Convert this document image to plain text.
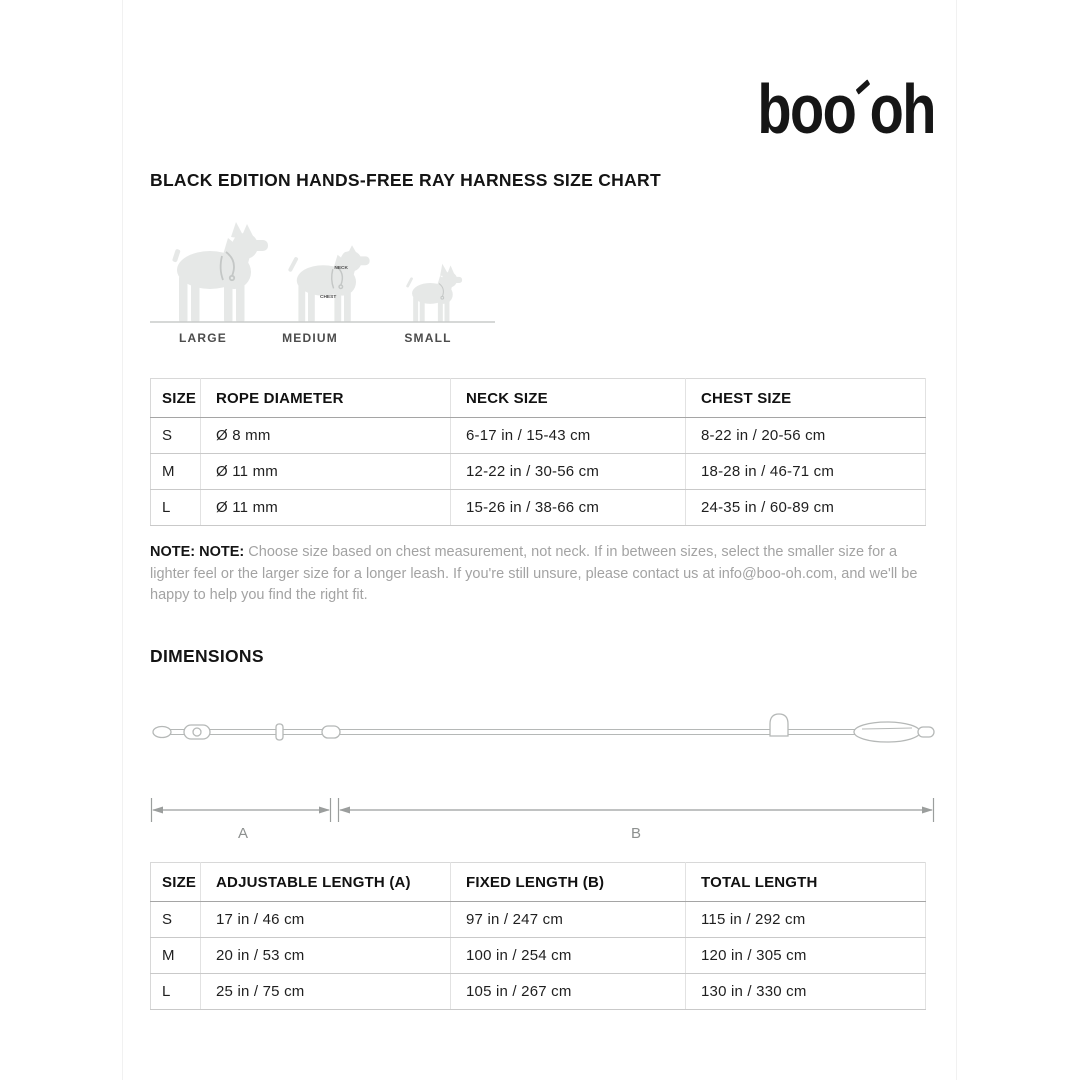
boo oh
BLACK EDITION HANDS-FREE RAY HARNESS SIZE CHART
NECK
CHEST
LARGE	MEDIUM	SMALL
SIZE	ROPE DIAMETER	NECK SIZE	CHEST SIZE
S	Ø 8 mm	6-17 in / 15-43 cm	8-22 in / 20-56 cm
M	Ø 11 mm	12-22 in / 30-56 cm	18-28 in / 46-71 cm
L	Ø 11 mm	15-26 in / 38-66 cm	24-35 in / 60-89 cm
NOTE: NOTE: Choose size based on chest measurement, not neck. If in between sizes, select the smaller size for a lighter feel or the larger size for a longer leash. If you're still unsure, please contact us at info@boo-oh.com, and we'll be happy to help you find the right fit.
DIMENSIONS
A	B
SIZE	ADJUSTABLE LENGTH (A)	FIXED LENGTH (B)	TOTAL LENGTH
S	17 in / 46 cm	97 in / 247 cm	115 in / 292 cm
M	20 in / 53 cm	100 in / 254 cm	120 in / 305 cm
L	25 in / 75 cm	105 in / 267 cm	130 in / 330 cm
